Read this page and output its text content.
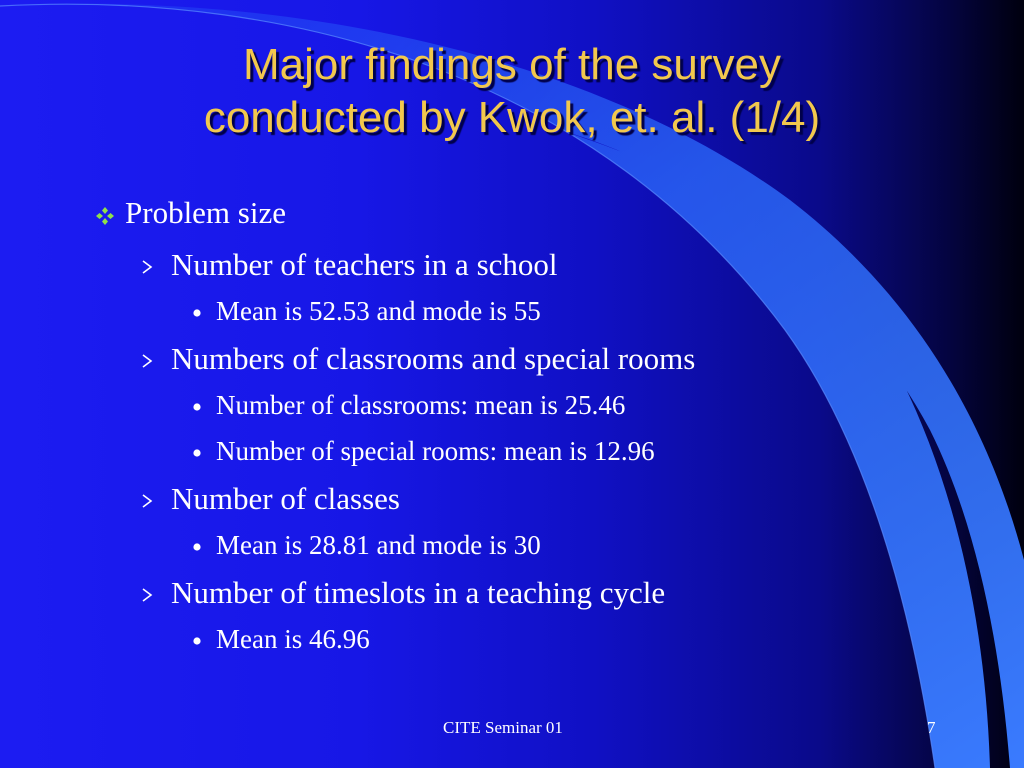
Major findings of the survey
conducted by Kwok, et. al. (1/4)
Problem size
Number of teachers in a school
Mean is 52.53 and mode is 55
Numbers of classrooms and special rooms
Number of classrooms: mean is 25.46
Number of special rooms: mean is 12.96
Number of classes
Mean is 28.81 and mode is 30
Number of timeslots in a teaching cycle
Mean is 46.96
CITE Seminar 01	7
